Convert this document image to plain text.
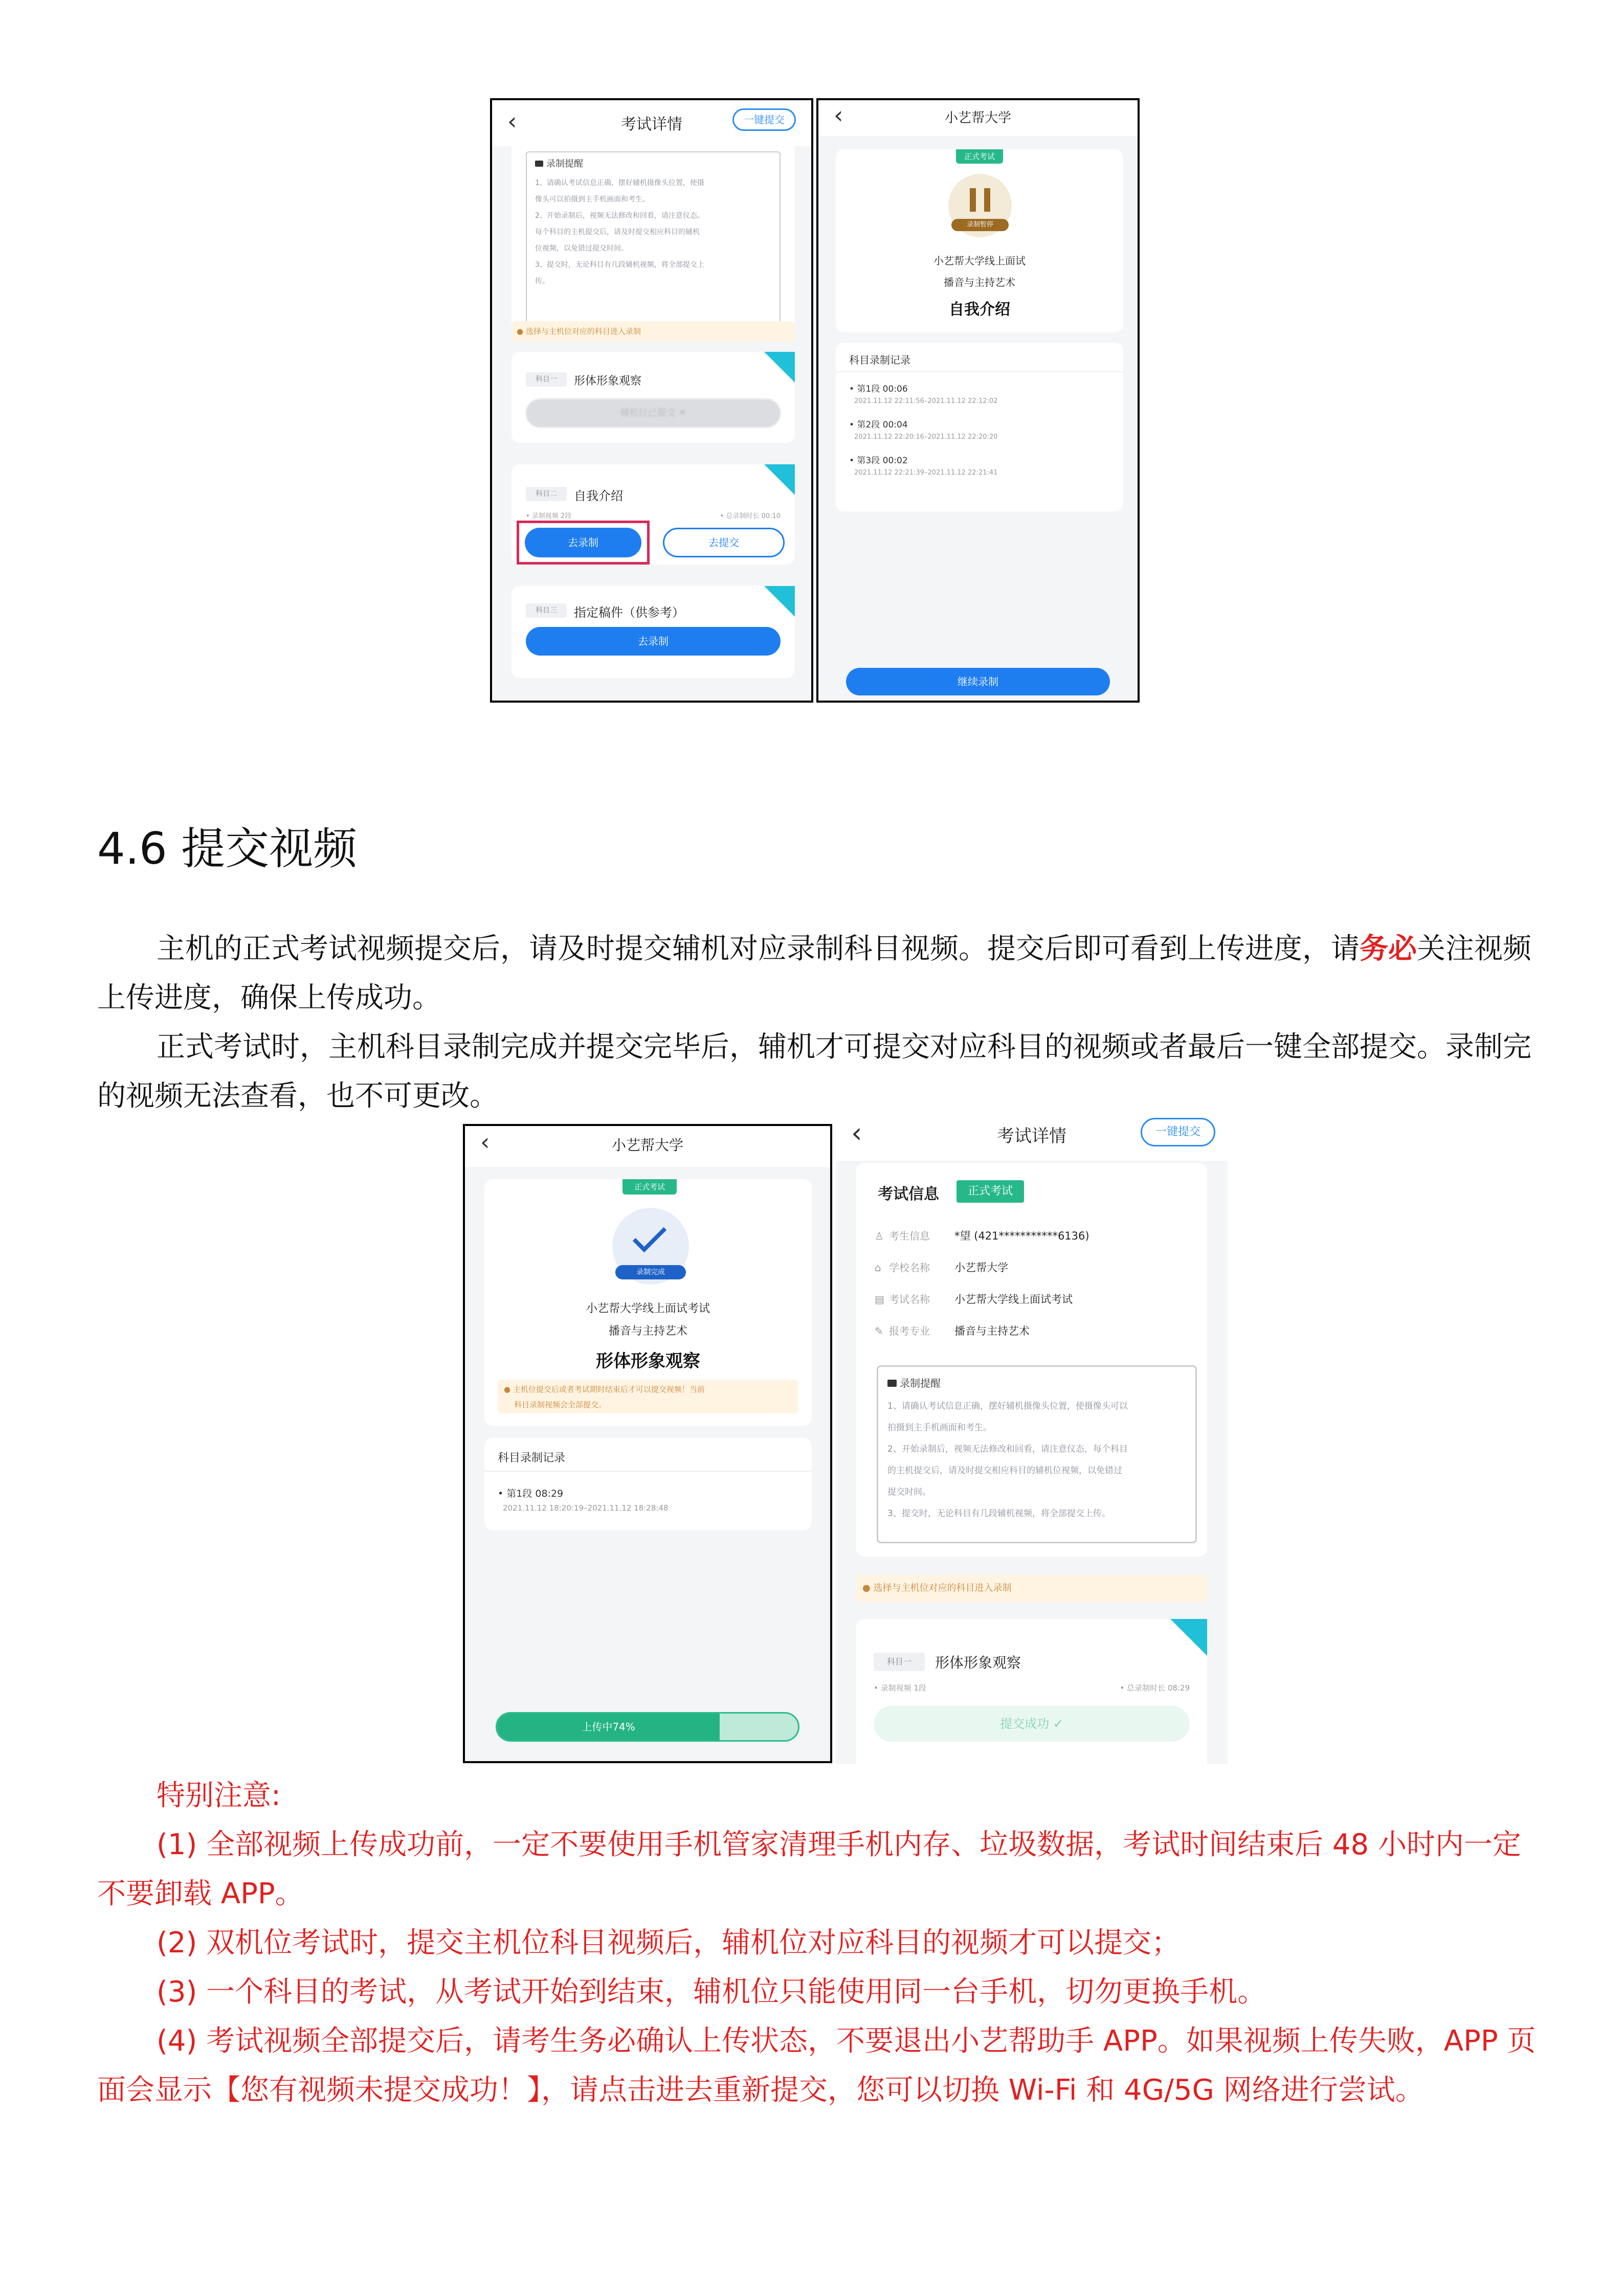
‹	考试详情	一键提交
录制提醒
1、请确认考试信息正确，摆好辅机摄像头位置，使摄
像头可以拍摄到主手机画面和考生。
2、开始录制后，视频无法修改和回看，请注意仪态。
每个科目的主机提交后，请及时提交相应科目的辅机
位视频，以免错过提交时间。
3、提交时，无论科目有几段辅机视频，将全部提交上
传。
● 选择与主机位对应的科目进入录制
科目一	形体形象观察
辅机位已提交 ✕
科目二	自我介绍
• 录制视频 2段	• 总录制时长 00:10
去录制	去提交
科目三	指定稿件（供参考）
去录制
‹	小艺帮大学
正式考试
录制暂停
小艺帮大学线上面试
播音与主持艺术
自我介绍
科目录制记录
• 第1段 00:06
2021.11.12 22:11:56–2021.11.12 22:12:02
• 第2段 00:04
2021.11.12 22:20:16–2021.11.12 22:20:20
• 第3段 00:02
2021.11.12 22:21:39–2021.11.12 22:21:41
继续录制
4.6 提交视频
主机的正式考试视频提交后，请及时提交辅机对应录制科目视频。提交后即可看到上传进度，请务必关注视频
上传进度，确保上传成功。
正式考试时，主机科目录制完成并提交完毕后，辅机才可提交对应科目的视频或者最后一键全部提交。录制完
的视频无法查看，也不可更改。
‹	小艺帮大学
正式考试
录制完成
小艺帮大学线上面试考试
播音与主持艺术
形体形象观察
● 主机位提交后或者考试期时结束后才可以提交视频！当前
科目录制视频会全部提交。
科目录制记录
• 第1段 08:29
2021.11.12 18:20:19–2021.11.12 18:28:48
上传中74%
‹	考试详情	一键提交
考试信息	正式考试
♙ 考生信息 *望 (421***********6136)
⌂ 学校名称 小艺帮大学
▤ 考试名称 小艺帮大学线上面试考试
✎ 报考专业 播音与主持艺术
录制提醒
1、请确认考试信息正确，摆好辅机摄像头位置，使摄像头可以
拍摄到主手机画面和考生。
2、开始录制后，视频无法修改和回看，请注意仪态，每个科目
的主机提交后，请及时提交相应科目的辅机位视频，以免错过
提交时间。
3、提交时，无论科目有几段辅机视频，将全部提交上传。
● 选择与主机位对应的科目进入录制
科目一	形体形象观察
• 录制视频 1段	• 总录制时长 08:29
提交成功 ✓
特别注意:
(1) 全部视频上传成功前，一定不要使用手机管家清理手机内存、垃圾数据，考试时间结束后 48 小时内一定
不要卸载 APP。
(2) 双机位考试时，提交主机位科目视频后，辅机位对应科目的视频才可以提交；
(3) 一个科目的考试，从考试开始到结束，辅机位只能使用同一台手机，切勿更换手机。
(4) 考试视频全部提交后，请考生务必确认上传状态，不要退出小艺帮助手 APP。如果视频上传失败，APP 页
面会显示【您有视频未提交成功！】，请点击进去重新提交，您可以切换 Wi-Fi 和 4G/5G 网络进行尝试。
